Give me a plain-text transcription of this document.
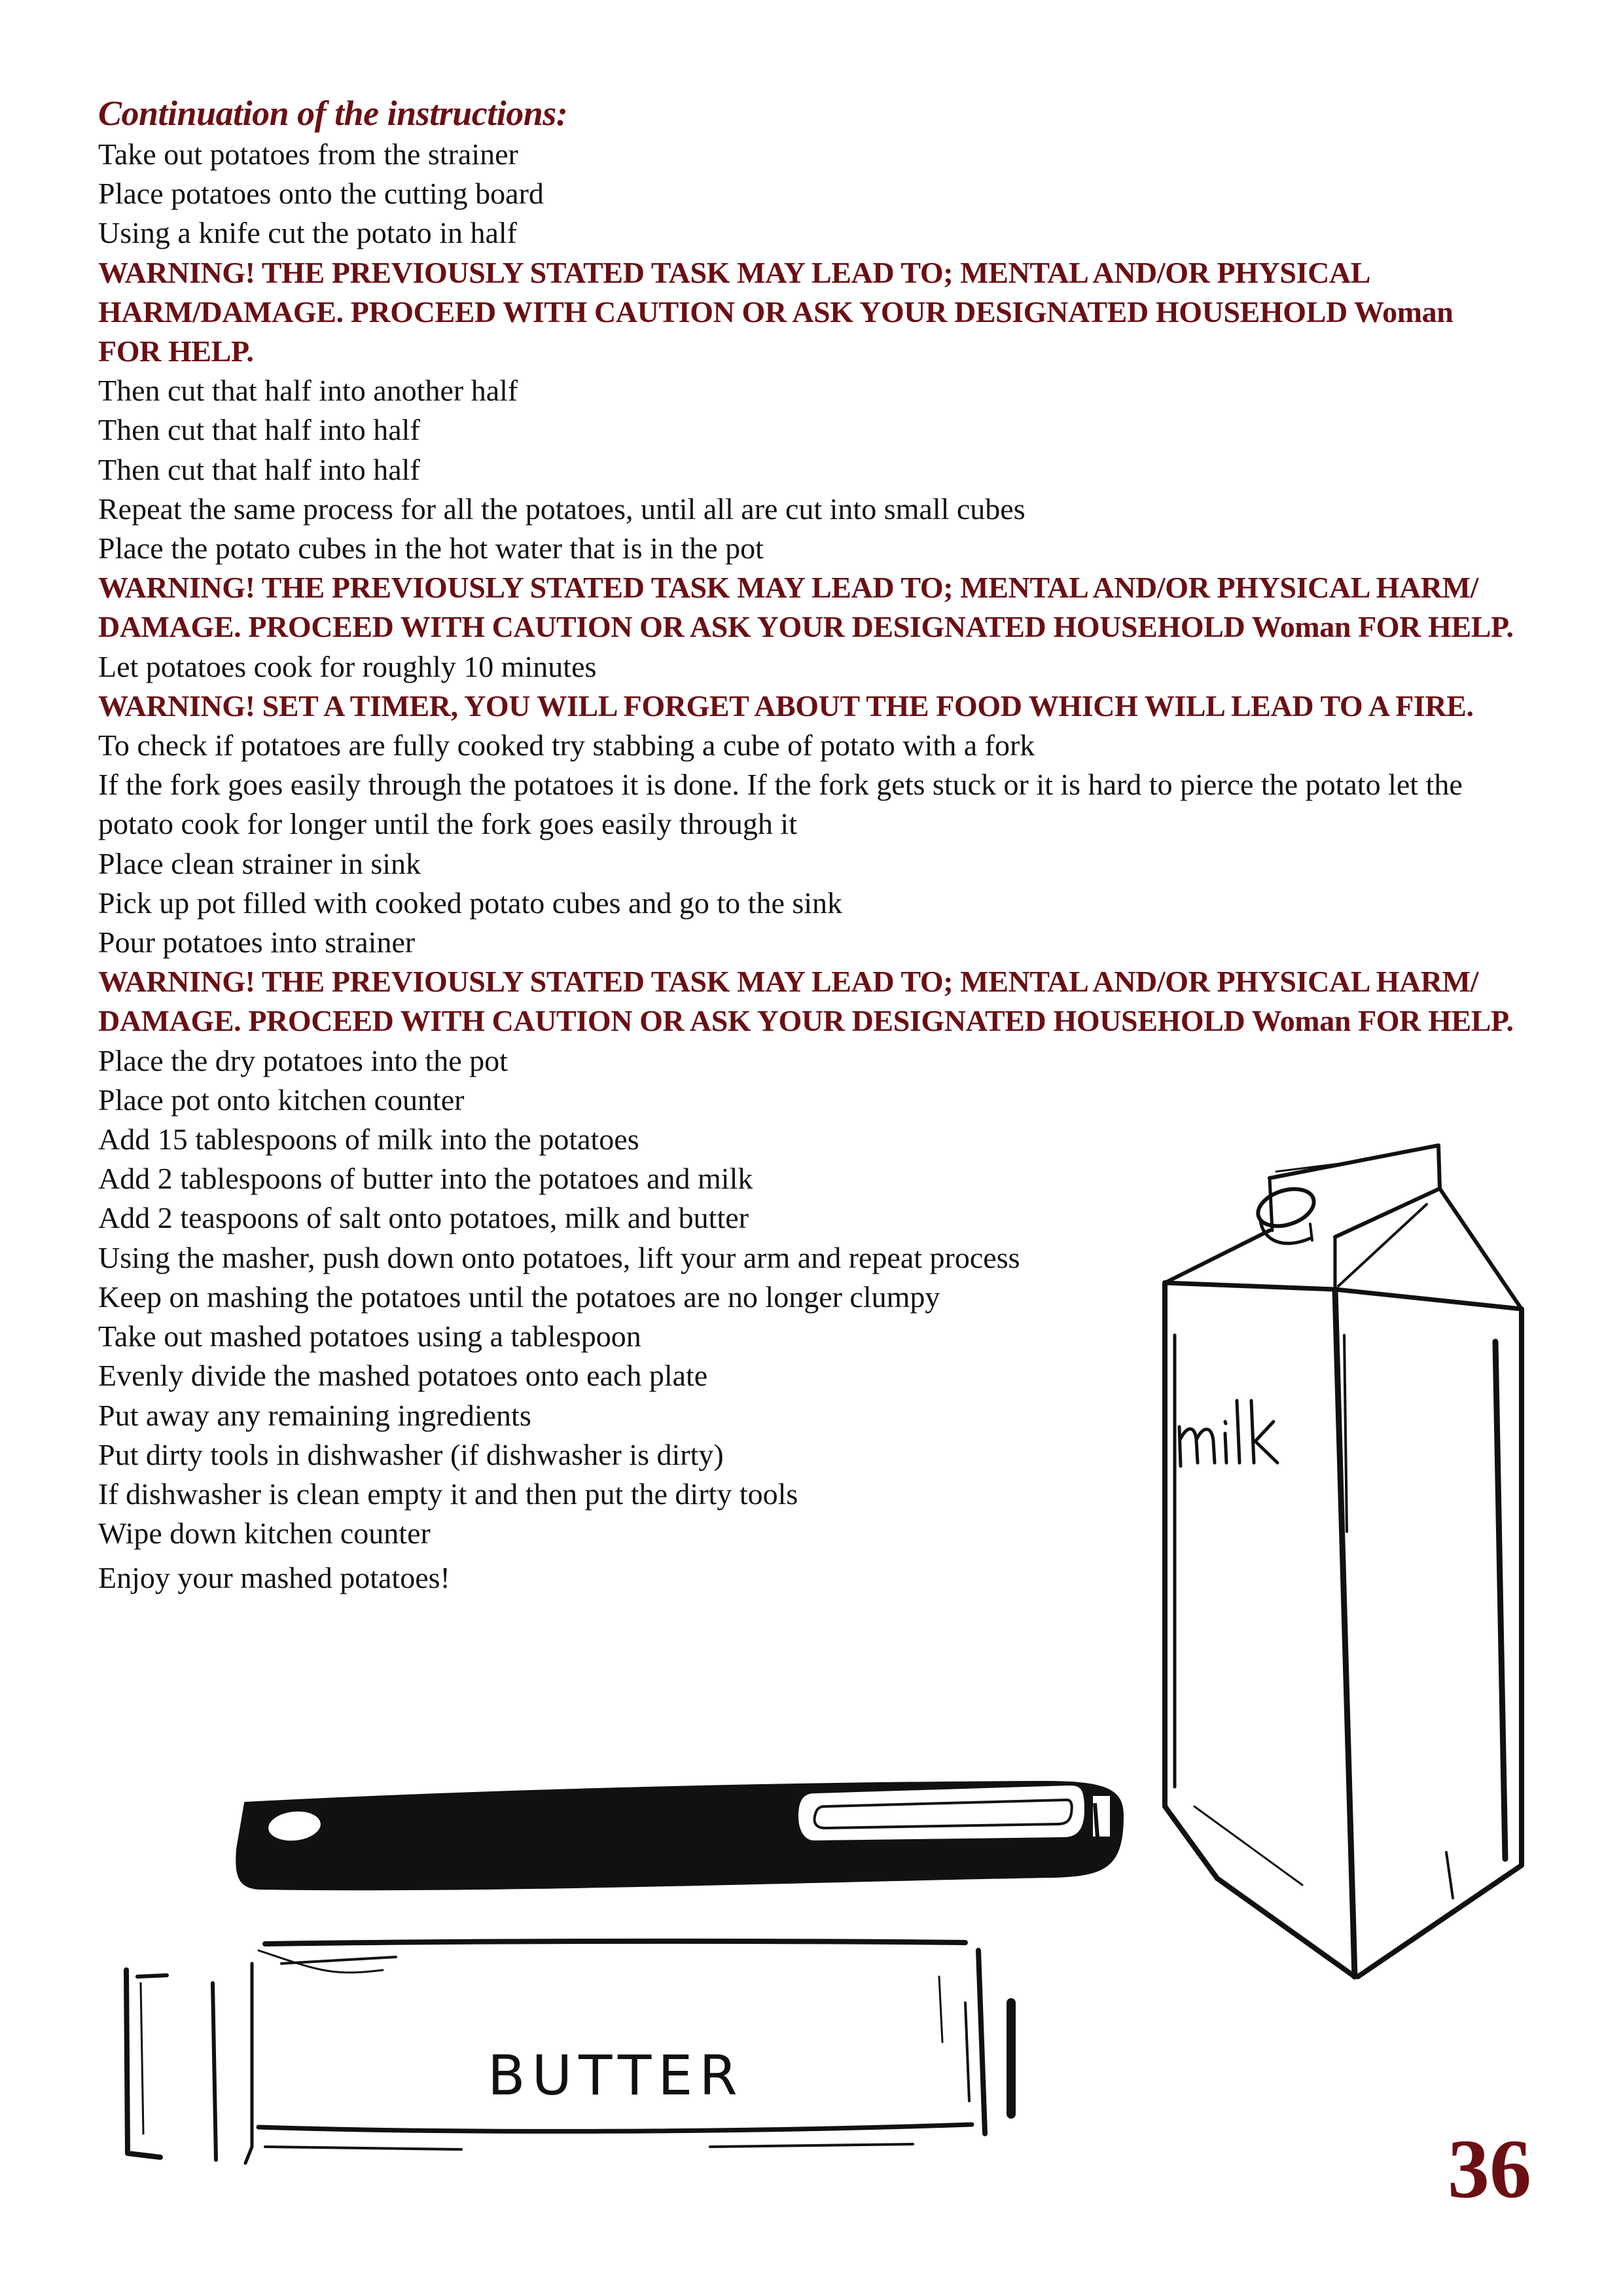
Continuation of the instructions:
Take out potatoes from the strainer
Place potatoes onto the cutting board
Using a knife cut the potato in half
WARNING! THE PREVIOUSLY STATED TASK MAY LEAD TO; MENTAL AND/OR PHYSICAL HARM/DAMAGE. PROCEED WITH CAUTION OR ASK YOUR DESIGNATED HOUSEHOLD Woman FOR HELP.
Then cut that half into another half
Then cut that half into half
Then cut that half into half
Repeat the same process for all the potatoes, until all are cut into small cubes
Place the potato cubes in the hot water that is in the pot
WARNING! THE PREVIOUSLY STATED TASK MAY LEAD TO; MENTAL AND/OR PHYSICAL HARM/ DAMAGE. PROCEED WITH CAUTION OR ASK YOUR DESIGNATED HOUSEHOLD Woman FOR HELP.
Let potatoes cook for roughly 10 minutes
WARNING! SET A TIMER, YOU WILL FORGET ABOUT THE FOOD WHICH WILL LEAD TO A FIRE.
To check if potatoes are fully cooked try stabbing a cube of potato with a fork
If the fork goes easily through the potatoes it is done. If the fork gets stuck or it is hard to pierce the potato let the potato cook for longer until the fork goes easily through it
Place clean strainer in sink
Pick up pot filled with cooked potato cubes and go to the sink
Pour potatoes into strainer
WARNING! THE PREVIOUSLY STATED TASK MAY LEAD TO; MENTAL AND/OR PHYSICAL HARM/ DAMAGE. PROCEED WITH CAUTION OR ASK YOUR DESIGNATED HOUSEHOLD Woman FOR HELP.
Place the dry potatoes into the pot
Place pot onto kitchen counter
Add 15 tablespoons of milk into the potatoes
Add 2 tablespoons of butter into the potatoes and milk
Add 2 teaspoons of salt onto potatoes, milk and butter
Using the masher, push down onto potatoes, lift your arm and repeat process
Keep on mashing the potatoes until the potatoes are no longer clumpy
Take out mashed potatoes using a tablespoon
Evenly divide the mashed potatoes onto each plate
Put away any remaining ingredients
Put dirty tools in dishwasher (if dishwasher is dirty)
If dishwasher is clean empty it and then put the dirty tools
Wipe down kitchen counter
Enjoy your mashed potatoes!
BUTTER
36
